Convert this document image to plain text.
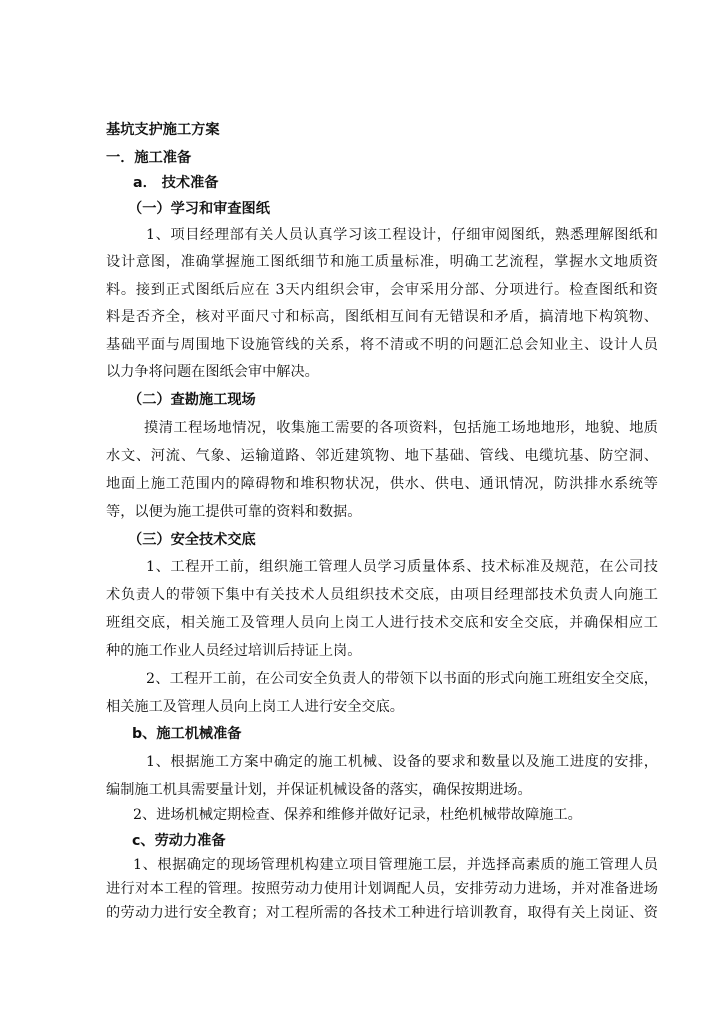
基坑支护施工方案
一．施工准备
a． 技术准备
（一）学习和审查图纸
1、项目经理部有关人员认真学习该工程设计，仔细审阅图纸，熟悉理解图纸和
设计意图，准确掌握施工图纸细节和施工质量标准，明确工艺流程，掌握水文地质资
料。接到正式图纸后应在 3天内组织会审，会审采用分部、分项进行。检查图纸和资
料是否齐全，核对平面尺寸和标高，图纸相互间有无错误和矛盾，搞清地下构筑物、
基础平面与周围地下设施管线的关系，将不清或不明的问题汇总会知业主、设计人员
以力争将问题在图纸会审中解决。
（二）查勘施工现场
摸清工程场地情况，收集施工需要的各项资料，包括施工场地地形，地貌、地质
水文、河流、气象、运输道路、邻近建筑物、地下基础、管线、电缆坑基、防空洞、
地面上施工范围内的障碍物和堆积物状况，供水、供电、通讯情况，防洪排水系统等
等，以便为施工提供可靠的资料和数据。
（三）安全技术交底
1、工程开工前，组织施工管理人员学习质量体系、技术标准及规范，在公司技
术负责人的带领下集中有关技术人员组织技术交底，由项目经理部技术负责人向施工
班组交底，相关施工及管理人员向上岗工人进行技术交底和安全交底，并确保相应工
种的施工作业人员经过培训后持证上岗。
2、工程开工前，在公司安全负责人的带领下以书面的形式向施工班组安全交底，
相关施工及管理人员向上岗工人进行安全交底。
b、施工机械准备
1、根据施工方案中确定的施工机械、设备的要求和数量以及施工进度的安排，
编制施工机具需要量计划，并保证机械设备的落实，确保按期进场。
2、进场机械定期检查、保养和维修并做好记录，杜绝机械带故障施工。
c、劳动力准备
1、根据确定的现场管理机构建立项目管理施工层，并选择高素质的施工管理人员
进行对本工程的管理。按照劳动力使用计划调配人员，安排劳动力进场，并对准备进场
的劳动力进行安全教育；对工程所需的各技术工种进行培训教育，取得有关上岗证、资
